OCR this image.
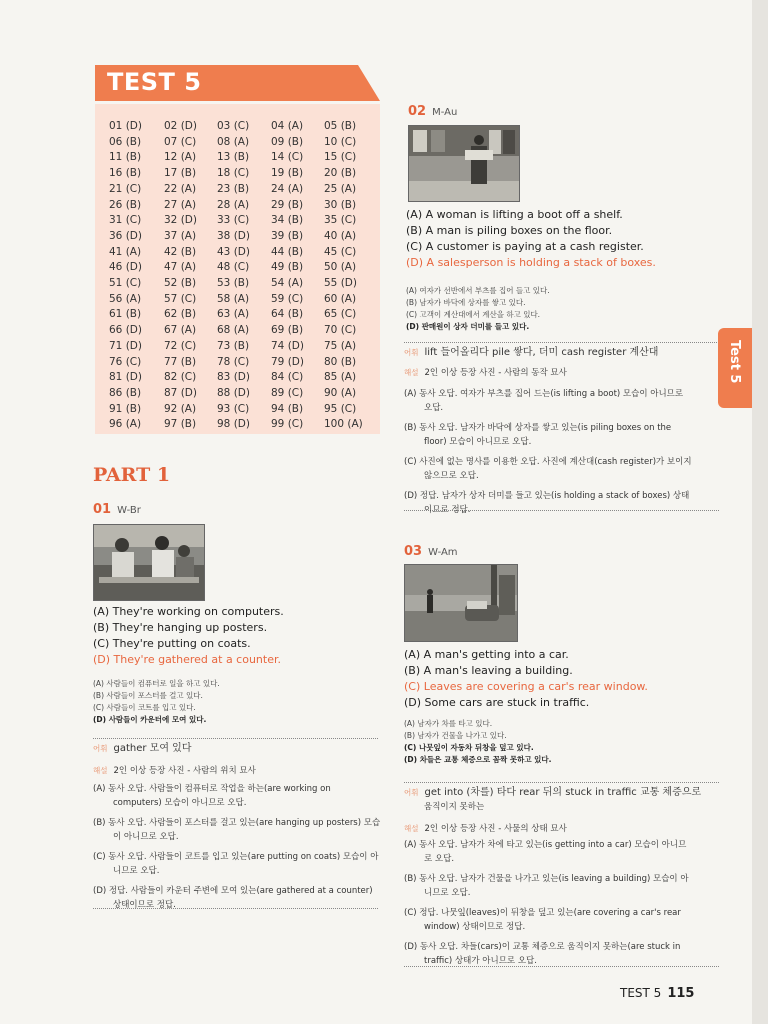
TEST 5
01 (D) 02 (D) 03 (C) 04 (A) 05 (B)
06 (B) 07 (C) 08 (A) 09 (B) 10 (C)
11 (B) 12 (A) 13 (B) 14 (C) 15 (C)
16 (B) 17 (B) 18 (C) 19 (B) 20 (B)
21 (C) 22 (A) 23 (B) 24 (A) 25 (A)
26 (B) 27 (A) 28 (A) 29 (B) 30 (B)
31 (C) 32 (D) 33 (C) 34 (B) 35 (C)
36 (D) 37 (A) 38 (D) 39 (B) 40 (A)
41 (A) 42 (B) 43 (D) 44 (B) 45 (C)
46 (D) 47 (A) 48 (C) 49 (B) 50 (A)
51 (C) 52 (B) 53 (B) 54 (A) 55 (D)
56 (A) 57 (C) 58 (A) 59 (C) 60 (A)
61 (B) 62 (B) 63 (A) 64 (B) 65 (C)
66 (D) 67 (A) 68 (A) 69 (B) 70 (C)
71 (D) 72 (C) 73 (B) 74 (D) 75 (A)
76 (C) 77 (B) 78 (C) 79 (D) 80 (B)
81 (D) 82 (C) 83 (D) 84 (C) 85 (A)
86 (B) 87 (D) 88 (D) 89 (C) 90 (A)
91 (B) 92 (A) 93 (C) 94 (B) 95 (C)
96 (A) 97 (B) 98 (D) 99 (C) 100 (A)
PART 1
01 W-Br
어휘 gather 모여 있다
해설 2인 이상 등장 사진 - 사람의 위치 묘사
02 M-Au
어휘 lift 들어올리다 pile 쌓다, 더미 cash register 계산대
해설 2인 이상 등장 사진 - 사람의 동작 묘사
03 W-Am
어휘 get into (차를) 타다 rear 뒤의 stuck in traffic 교통 체증으로
움직이지 못하는
해설 2인 이상 등장 사진 - 사물의 상태 묘사
Test 5
TEST 5 115
(A) They're working on computers.
(B) They're hanging up posters.
(C) They're putting on coats.
(D) They're gathered at a counter.
(A) 사람들이 컴퓨터로 일을 하고 있다.
(B) 사람들이 포스터를 걸고 있다.
(C) 사람들이 코트를 입고 있다.
(D) 사람들이 카운터에 모여 있다.
(A) 동사 오답. 사람들이 컴퓨터로 작업을 하는(are working on
computers) 모습이 아니므로 오답.
(B) 동사 오답. 사람들이 포스터를 걸고 있는(are hanging up posters) 모습
이 아니므로 오답.
(C) 동사 오답. 사람들이 코트를 입고 있는(are putting on coats) 모습이 아
니므로 오답.
(D) 정답. 사람들이 카운터 주변에 모여 있는(are gathered at a counter)
상태이므로 정답.
(A) A woman is lifting a boot off a shelf.
(B) A man is piling boxes on the floor.
(C) A customer is paying at a cash register.
(D) A salesperson is holding a stack of boxes.
(A) 여자가 선반에서 부츠를 집어 들고 있다.
(B) 남자가 바닥에 상자를 쌓고 있다.
(C) 고객이 계산대에서 계산을 하고 있다.
(D) 판매원이 상자 더미를 들고 있다.
(A) 동사 오답. 여자가 부츠를 집어 드는(is lifting a boot) 모습이 아니므로
오답.
(B) 동사 오답. 남자가 바닥에 상자를 쌓고 있는(is piling boxes on the
floor) 모습이 아니므로 오답.
(C) 사진에 없는 명사를 이용한 오답. 사진에 계산대(cash register)가 보이지
않으므로 오답.
(D) 정답. 남자가 상자 더미를 들고 있는(is holding a stack of boxes) 상태
이므로 정답.
(A) A man's getting into a car.
(B) A man's leaving a building.
(C) Leaves are covering a car's rear window.
(D) Some cars are stuck in traffic.
(A) 남자가 차를 타고 있다.
(B) 남자가 건물을 나가고 있다.
(C) 나뭇잎이 자동차 뒤창을 덮고 있다.
(D) 차들은 교통 체증으로 꼼짝 못하고 있다.
(A) 동사 오답. 남자가 차에 타고 있는(is getting into a car) 모습이 아니므
로 오답.
(B) 동사 오답. 남자가 건물을 나가고 있는(is leaving a building) 모습이 아
니므로 오답.
(C) 정답. 나뭇잎(leaves)이 뒤창을 덮고 있는(are covering a car's rear
window) 상태이므로 정답.
(D) 동사 오답. 차들(cars)이 교통 체증으로 움직이지 못하는(are stuck in
traffic) 상태가 아니므로 오답.
